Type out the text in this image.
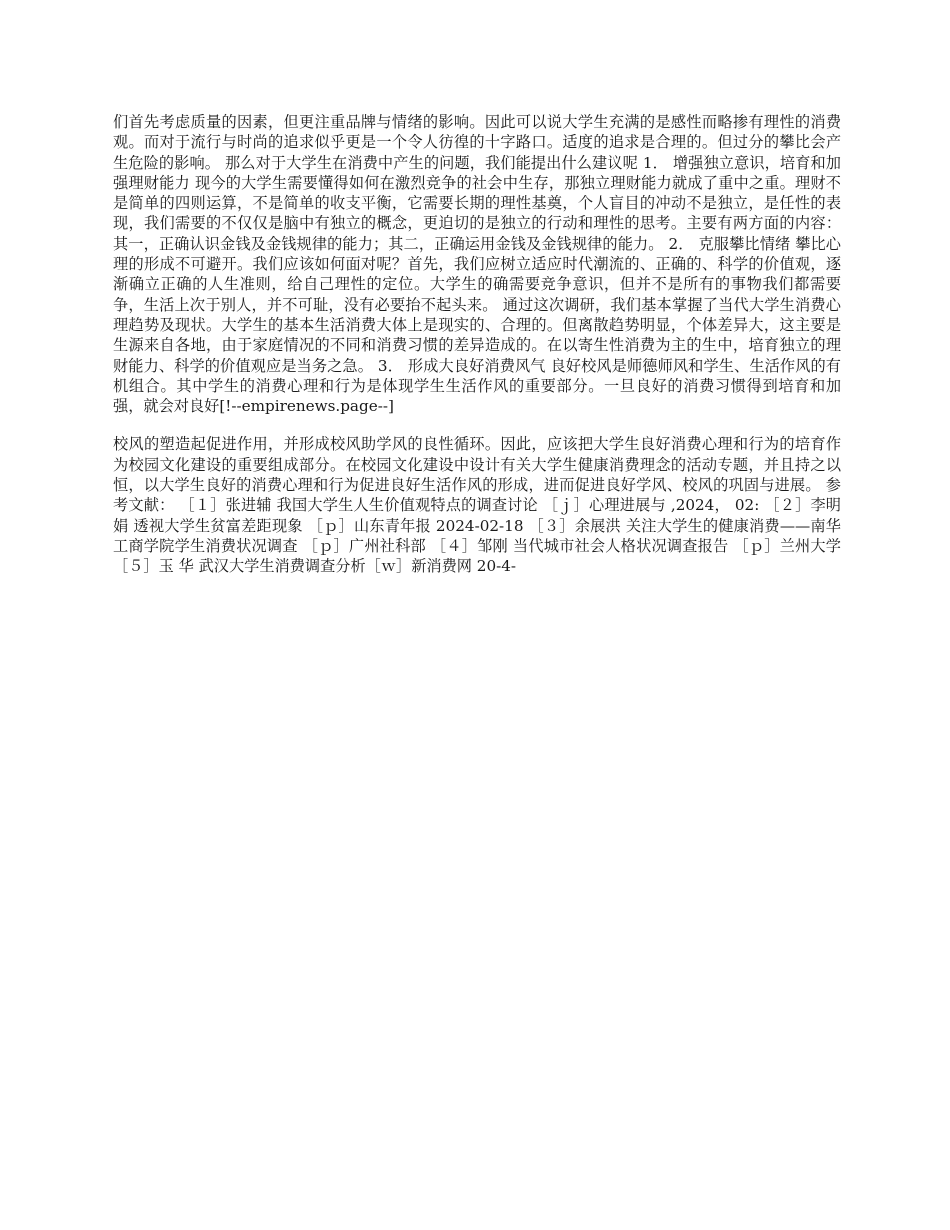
们首先考虑质量的因素，但更注重品牌与情绪的影响。因此可以说大学生充满的是感性而略掺有理性的消费观。而对于流行与时尚的追求似乎更是一个令人彷徨的十字路口。适度的追求是合理的。但过分的攀比会产生危险的影响。 那么对于大学生在消费中产生的问题，我们能提出什么建议呢 1． 增强独立意识，培育和加强理财能力 现今的大学生需要懂得如何在激烈竞争的社会中生存，那独立理财能力就成了重中之重。理财不是简单的四则运算，不是简单的收支平衡，它需要长期的理性基奠，个人盲目的冲动不是独立，是任性的表现，我们需要的不仅仅是脑中有独立的概念，更迫切的是独立的行动和理性的思考。主要有两方面的内容：其一，正确认识金钱及金钱规律的能力；其二，正确运用金钱及金钱规律的能力。 2． 克服攀比情绪 攀比心理的形成不可避开。我们应该如何面对呢？首先，我们应树立适应时代潮流的、正确的、科学的价值观，逐渐确立正确的人生准则，给自己理性的定位。大学生的确需要竞争意识，但并不是所有的事物我们都需要争，生活上次于别人，并不可耻，没有必要抬不起头来。 通过这次调研，我们基本掌握了当代大学生消费心理趋势及现状。大学生的基本生活消费大体上是现实的、合理的。但离散趋势明显，个体差异大，这主要是生源来自各地，由于家庭情况的不同和消费习惯的差异造成的。在以寄生性消费为主的生中，培育独立的理财能力、科学的价值观应是当务之急。 3． 形成大良好消费风气 良好校风是师德师风和学生、生活作风的有机组合。其中学生的消费心理和行为是体现学生生活作风的重要部分。一旦良好的消费习惯得到培育和加强，就会对良好[!--empirenews.page--]

校风的塑造起促进作用，并形成校风助学风的良性循环。因此，应该把大学生良好消费心理和行为的培育作为校园文化建设的重要组成部分。在校园文化建设中设计有关大学生健康消费理念的活动专题，并且持之以恒，以大学生良好的消费心理和行为促进良好生活作风的形成，进而促进良好学风、校风的巩固与进展。 参考文献： ［１］张进辅 我国大学生人生价值观特点的调查讨论 ［ｊ］心理进展与 ,2024， 02: ［２］李明娟 透视大学生贫富差距现象 ［ｐ］山东青年报 2024-02-18 ［３］余展洪 关注大学生的健康消费——南华工商学院学生消费状况调查 ［ｐ］广州社科部 ［４］邹刚 当代城市社会人格状况调查报告 ［ｐ］兰州大学 ［５］玉 华 武汉大学生消费调查分析［ｗ］新消费网 20-4-
